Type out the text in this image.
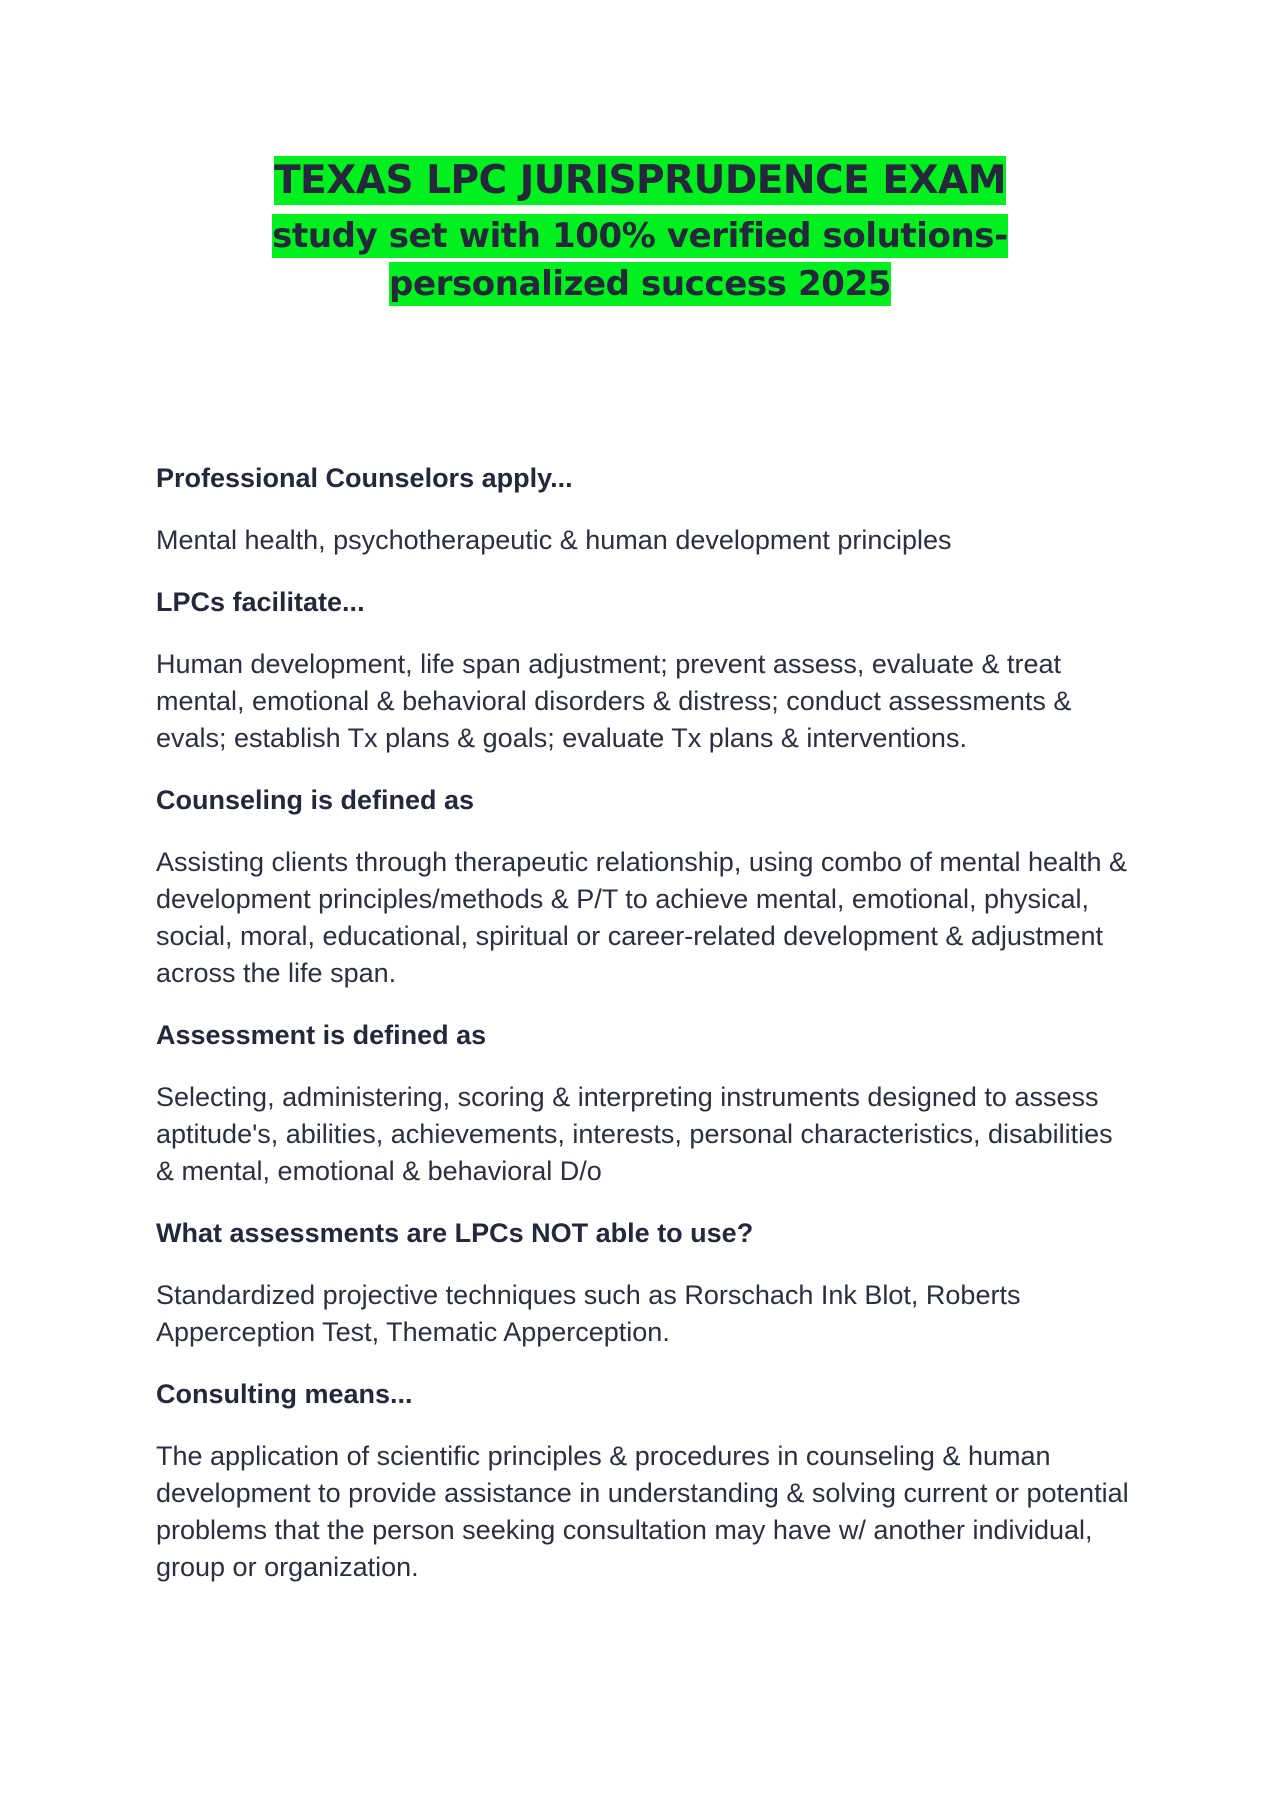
TEXAS LPC JURISPRUDENCE EXAM
study set with 100% verified solutions-personalized success 2025

Professional Counselors apply...

Mental health, psychotherapeutic & human development principles

LPCs facilitate...

Human development, life span adjustment; prevent assess, evaluate & treat mental, emotional & behavioral disorders & distress; conduct assessments & evals; establish Tx plans & goals; evaluate Tx plans & interventions.

Counseling is defined as

Assisting clients through therapeutic relationship, using combo of mental health & development principles/methods & P/T to achieve mental, emotional, physical, social, moral, educational, spiritual or career-related development & adjustment across the life span.

Assessment is defined as

Selecting, administering, scoring & interpreting instruments designed to assess aptitude's, abilities, achievements, interests, personal characteristics, disabilities & mental, emotional & behavioral D/o

What assessments are LPCs NOT able to use?

Standardized projective techniques such as Rorschach Ink Blot, Roberts Apperception Test, Thematic Apperception.

Consulting means...

The application of scientific principles & procedures in counseling & human development to provide assistance in understanding & solving current or potential problems that the person seeking consultation may have w/ another individual, group or organization.
